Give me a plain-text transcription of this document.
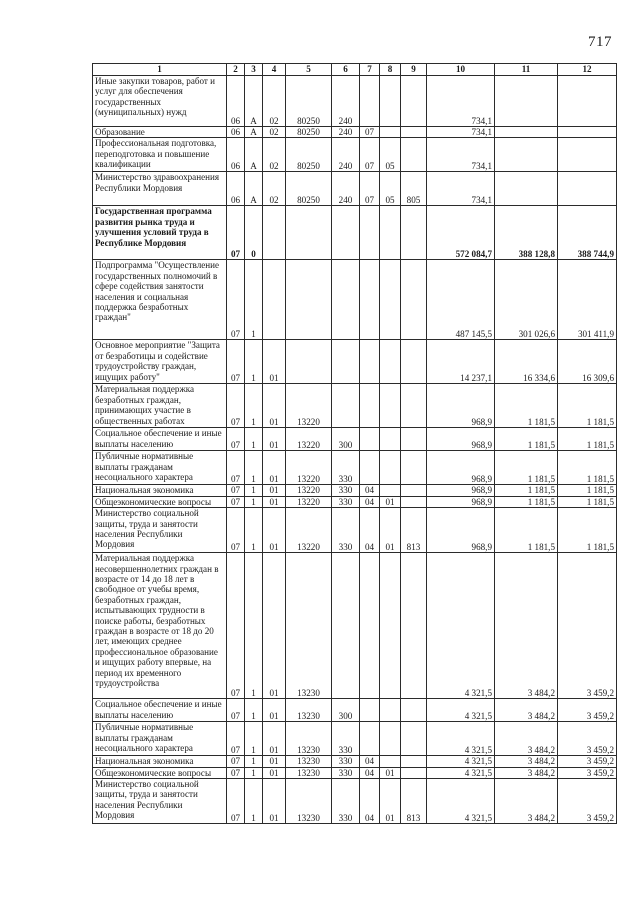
717
1	2	3	4	5	6	7	8	9	10	11	12
Иные закупки товаров, работ и услуг для обеспечения государственных (муниципальных) нужд	06	А	02	80250	240				734,1		
Образование	06	А	02	80250	240	07			734,1		
Профессиональная подготовка, переподготовка и повышение квалификации	06	А	02	80250	240	07	05		734,1		
Министерство здравоохранения Республики Мордовия	06	А	02	80250	240	07	05	805	734,1		
Государственная программа развития рынка труда и улучшения условий труда в Республике Мордовия	07	0							572 084,7	388 128,8	388 744,9
Подпрограмма "Осуществление государственных полномочий в сфере содействия занятости населения и социальная поддержка безработных граждан"	07	1							487 145,5	301 026,6	301 411,9
Основное мероприятие "Защита от безработицы и содействие трудоустройству граждан, ищущих работу"	07	1	01						14 237,1	16 334,6	16 309,6
Материальная поддержка безработных граждан, принимающих участие в общественных работах	07	1	01	13220					968,9	1 181,5	1 181,5
Социальное обеспечение и иные выплаты населению	07	1	01	13220	300				968,9	1 181,5	1 181,5
Публичные нормативные выплаты гражданам несоциального характера	07	1	01	13220	330				968,9	1 181,5	1 181,5
Национальная экономика	07	1	01	13220	330	04			968,9	1 181,5	1 181,5
Общеэкономические вопросы	07	1	01	13220	330	04	01		968,9	1 181,5	1 181,5
Министерство социальной защиты, труда и занятости населения Республики Мордовия	07	1	01	13220	330	04	01	813	968,9	1 181,5	1 181,5
Материальная поддержка несовершеннолетних граждан в возрасте от 14 до 18 лет в свободное от учебы время, безработных граждан, испытывающих трудности в поиске работы, безработных граждан в возрасте от 18 до 20 лет, имеющих среднее профессиональное образование и ищущих работу впервые, на период их временного трудоустройства	07	1	01	13230					4 321,5	3 484,2	3 459,2
Социальное обеспечение и иные выплаты населению	07	1	01	13230	300				4 321,5	3 484,2	3 459,2
Публичные нормативные выплаты гражданам несоциального характера	07	1	01	13230	330				4 321,5	3 484,2	3 459,2
Национальная экономика	07	1	01	13230	330	04			4 321,5	3 484,2	3 459,2
Общеэкономические вопросы	07	1	01	13230	330	04	01		4 321,5	3 484,2	3 459,2
Министерство социальной защиты, труда и занятости населения Республики Мордовия	07	1	01	13230	330	04	01	813	4 321,5	3 484,2	3 459,2
